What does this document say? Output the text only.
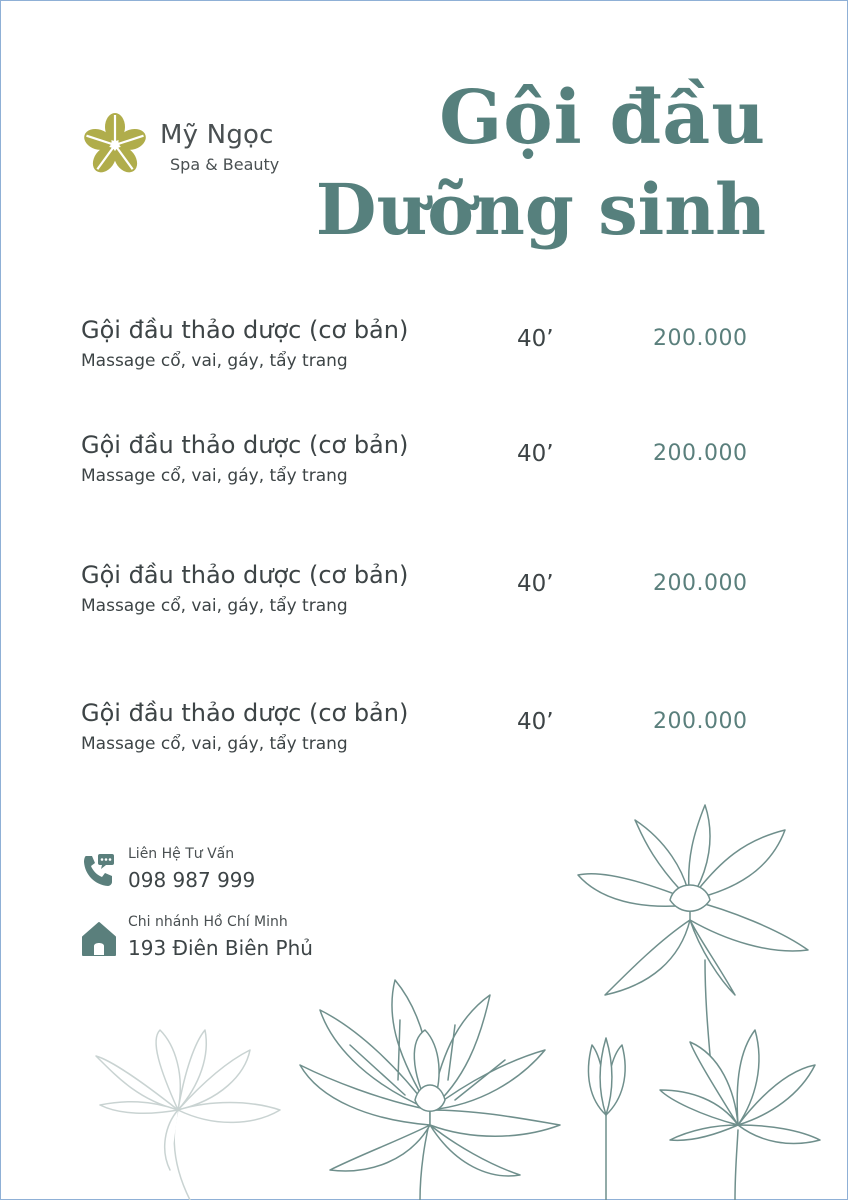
Mỹ Ngọc
Spa & Beauty
Gội đầu
Dưỡng sinh
Gội đầu thảo dược (cơ bản)
Massage cổ, vai, gáy, tẩy trang
40’	200.000
Gội đầu thảo dược (cơ bản)
Massage cổ, vai, gáy, tẩy trang
40’	200.000
Gội đầu thảo dược (cơ bản)
Massage cổ, vai, gáy, tẩy trang
40’	200.000
Gội đầu thảo dược (cơ bản)
Massage cổ, vai, gáy, tẩy trang
40’	200.000
Liên Hệ Tư Vấn
098 987 999
Chi nhánh Hồ Chí Minh
193 Điên Biên Phủ
